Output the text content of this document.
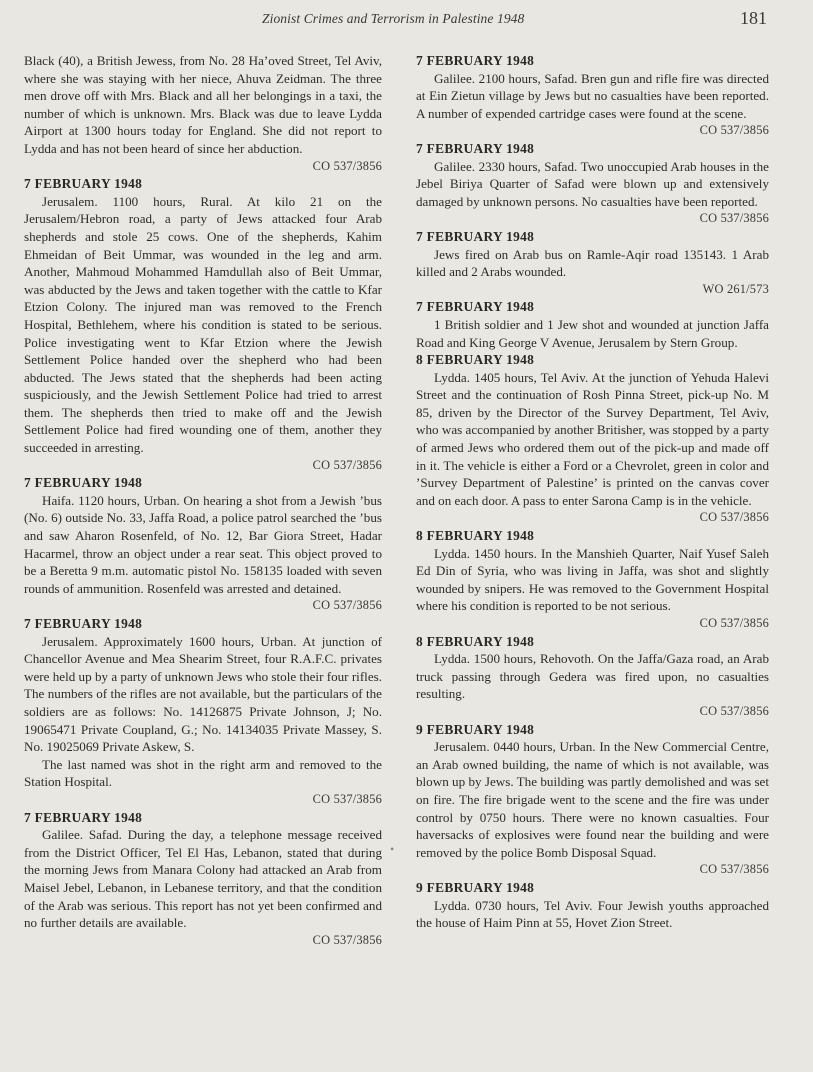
Zionist Crimes and Terrorism in Palestine 1948	181

Black (40), a British Jewess, from No. 28 Ha’oved Street, Tel Aviv, where she was staying with her niece, Ahuva Zeidman. The three men drove off with Mrs. Black and all her belongings in a taxi, the number of which is unknown. Mrs. Black was due to leave Lydda Airport at 1300 hours today for England. She did not report to Lydda and has not been heard of since her abduction.

CO 537/3856
7 FEBRUARY 1948

Jerusalem. 1100 hours, Rural. At kilo 21 on the Jerusalem/Hebron road, a party of Jews attacked four Arab shepherds and stole 25 cows. One of the shepherds, Kahim Ehmeidan of Beit Ummar, was wounded in the leg and arm. Another, Mahmoud Mohammed Hamdullah also of Beit Ummar, was abducted by the Jews and taken together with the cattle to Kfar Etzion Colony. The injured man was removed to the French Hospital, Bethlehem, where his condition is stated to be serious. Police investigating went to Kfar Etzion where the Jewish Settlement Police handed over the shepherd who had been abducted. The Jews stated that the shepherds had been acting suspiciously, and the Jewish Settlement Police had tried to arrest them. The shepherds then tried to make off and the Jewish Settlement Police had fired wounding one of them, another they succeeded in arresting.

CO 537/3856
7 FEBRUARY 1948

Haifa. 1120 hours, Urban. On hearing a shot from a Jewish ’bus (No. 6) outside No. 33, Jaffa Road, a police patrol searched the ’bus and saw Aharon Rosenfeld, of No. 12, Bar Giora Street, Hadar Hacarmel, throw an object under a rear seat. This object proved to be a Beretta 9 m.m. automatic pistol No. 158135 loaded with seven rounds of ammunition. Rosenfeld was arrested and detained.

CO 537/3856
7 FEBRUARY 1948

Jerusalem. Approximately 1600 hours, Urban. At junction of Chancellor Avenue and Mea Shearim Street, four R.A.F.C. privates were held up by a party of unknown Jews who stole their four rifles. The numbers of the rifles are not available, but the particulars of the soldiers are as follows: No. 14126875 Private Johnson, J; No. 19065471 Private Coupland, G.; No. 14134035 Private Massey, S. No. 19025069 Private Askew, S.

The last named was shot in the right arm and removed to the Station Hospital.

CO 537/3856
7 FEBRUARY 1948

Galilee. Safad. During the day, a telephone message received from the District Officer, Tel El Has, Lebanon, stated that during the morning Jews from Manara Colony had attacked an Arab from Maisel Jebel, Lebanon, in Lebanese territory, and that the condition of the Arab was serious. This report has not yet been confirmed and no further details are available.

CO 537/3856
7 FEBRUARY 1948

Galilee. 2100 hours, Safad. Bren gun and rifle fire was directed at Ein Zietun village by Jews but no casualties have been reported. A number of expended cartridge cases were found at the scene.

CO 537/3856
7 FEBRUARY 1948

Galilee. 2330 hours, Safad. Two unoccupied Arab houses in the Jebel Biriya Quarter of Safad were blown up and extensively damaged by unknown persons. No casualties have been reported.

CO 537/3856
7 FEBRUARY 1948

Jews fired on Arab bus on Ramle-Aqir road 135143. 1 Arab killed and 2 Arabs wounded.

WO 261/573
7 FEBRUARY 1948

1 British soldier and 1 Jew shot and wounded at junction Jaffa Road and King George V Avenue, Jerusalem by Stern Group.

8 FEBRUARY 1948

Lydda. 1405 hours, Tel Aviv. At the junction of Yehuda Halevi Street and the continuation of Rosh Pinna Street, pick-up No. M 85, driven by the Director of the Survey Department, Tel Aviv, who was accompanied by another Britisher, was stopped by a party of armed Jews who ordered them out of the pick-up and made off in it. The vehicle is either a Ford or a Chevrolet, green in color and ’Survey Department of Palestine’ is printed on the canvas cover and on each door. A pass to enter Sarona Camp is in the vehicle.

CO 537/3856
8 FEBRUARY 1948

Lydda. 1450 hours. In the Manshieh Quarter, Naif Yusef Saleh Ed Din of Syria, who was living in Jaffa, was shot and slightly wounded by snipers. He was removed to the Government Hospital where his condition is reported to be not serious.

CO 537/3856
8 FEBRUARY 1948

Lydda. 1500 hours, Rehovoth. On the Jaffa/Gaza road, an Arab truck passing through Gedera was fired upon, no casualties resulting.

CO 537/3856
9 FEBRUARY 1948

Jerusalem. 0440 hours, Urban. In the New Commercial Centre, an Arab owned building, the name of which is not available, was blown up by Jews. The building was partly demolished and was set on fire. The fire brigade went to the scene and the fire was under control by 0750 hours. There were no known casualties. Four haversacks of explosives were found near the building and were removed by the police Bomb Disposal Squad.

CO 537/3856
9 FEBRUARY 1948

Lydda. 0730 hours, Tel Aviv. Four Jewish youths approached the house of Haim Pinn at 55, Hovet Zion Street.

•
